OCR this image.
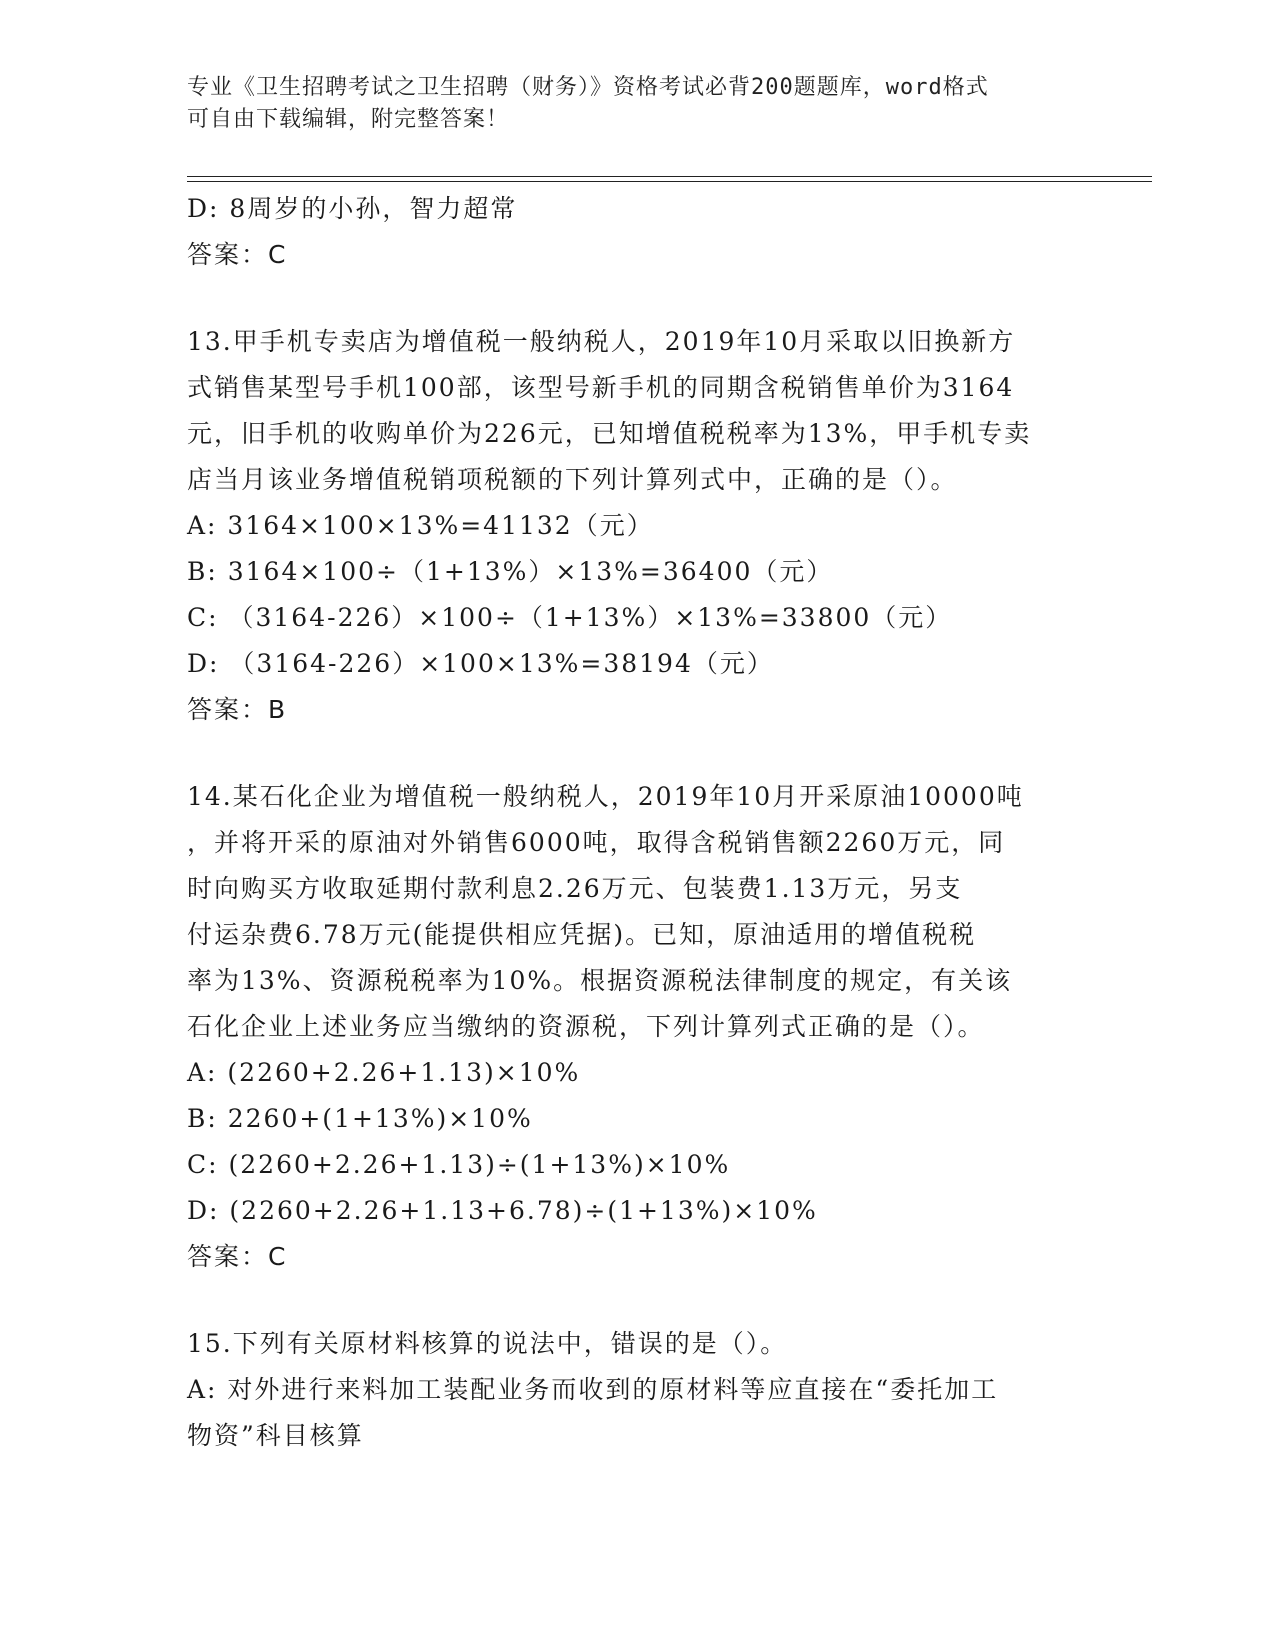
专业《卫生招聘考试之卫生招聘（财务）》资格考试必背200题题库，word格式
可自由下载编辑，附完整答案！
D: 8周岁的小孙，智力超常
答案：C
13.甲手机专卖店为增值税一般纳税人，2019年10月采取以旧换新方
式销售某型号手机100部，该型号新手机的同期含税销售单价为3164
元，旧手机的收购单价为226元，已知增值税税率为13%，甲手机专卖
店当月该业务增值税销项税额的下列计算列式中，正确的是（）。
A: 3164×100×13%=41132（元）
B: 3164×100÷（1+13%）×13%=36400（元）
C: （3164-226）×100÷（1+13%）×13%=33800（元）
D: （3164-226）×100×13%=38194（元）
答案：B
14.某石化企业为增值税一般纳税人，2019年10月开采原油10000吨
，并将开采的原油对外销售6000吨，取得含税销售额2260万元，同
时向购买方收取延期付款利息2.26万元、包装费1.13万元，另支
付运杂费6.78万元(能提供相应凭据)。已知，原油适用的增值税税
率为13%、资源税税率为10%。根据资源税法律制度的规定，有关该
石化企业上述业务应当缴纳的资源税，下列计算列式正确的是（）。
A: (2260+2.26+1.13)×10%
B: 2260+(1+13%)×10%
C: (2260+2.26+1.13)÷(1+13%)×10%
D: (2260+2.26+1.13+6.78)÷(1+13%)×10%
答案：C
15.下列有关原材料核算的说法中，错误的是（）。
A: 对外进行来料加工装配业务而收到的原材料等应直接在“委托加工
物资”科目核算
